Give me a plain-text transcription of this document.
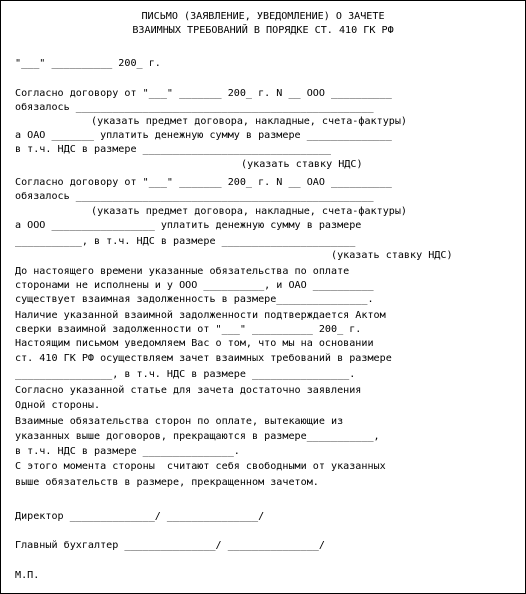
ПИСЬМО (ЗАЯВЛЕНИЕ, УВЕДОМЛЕНИЕ) О ЗАЧЕТЕ
ВЗАИМНЫХ ТРЕБОВАНИЙ В ПОРЯДКЕ СТ. 410 ГК РФ
"___" __________ 200_ г.
Согласно договору от "___" _______ 200_ г. N __ ООО __________
обязалось _________________________________________________
(указать предмет договора, накладные, счета-фактуры)
а ОАО _______ уплатить денежную сумму в размере ______________
в т.ч. НДС в размере _______________________________
(указать ставку НДС)
Согласно договору от "___" _______ 200_ г. N __ ОАО __________
обязалось _________________________________________________
(указать предмет договора, накладные, счета-фактуры)
а ООО _________________ уплатить денежную сумму в размере
___________, в т.ч. НДС в размере ______________________
(указать ставку НДС)
До настоящего времени указанные обязательства по оплате
сторонами не исполнены и у ООО __________, и ОАО __________
существует взаимная задолженность в размере_______________.
Наличие указанной взаимной задолженности подтверждается Актом
сверки взаимной задолженности от "___" __________ 200_ г.
Настоящим письмом уведомляем Вас о том, что мы на основании
ст. 410 ГК РФ осуществляем зачет взаимных требований в размере
________________, в т.ч. НДС в размере ________________.
Согласно указанной статье для зачета достаточно заявления
Одной стороны.
Взаимные обязательства сторон по оплате, вытекающие из
указанных выше договоров, прекращаются в размере___________,
в т.ч. НДС в размере _______________.
С этого момента стороны  считают себя свободными от указанных
выше обязательств в размере, прекращенном зачетом.
Директор ______________/ _______________/
Главный бухгалтер _______________/ _______________/
М.П.
